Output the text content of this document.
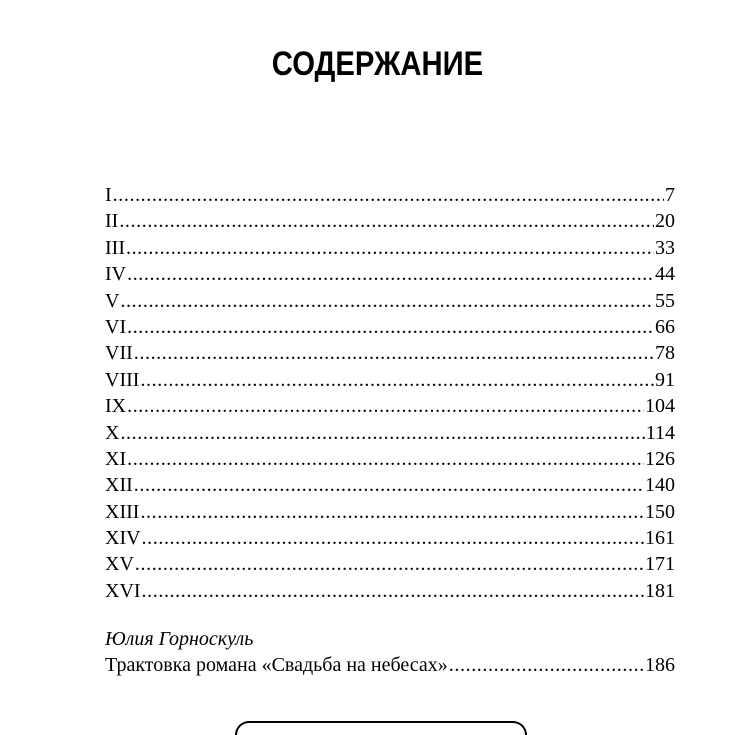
СОДЕРЖАНИЕ
I .....	7
II .....	20
III .....	33
IV .....	44
V .....	55
VI .....	66
VII .....	78
VIII .....	91
IX .....	104
X .....	114
XI .....	126
XII .....	140
XIII .....	150
XIV .....	161
XV .....	171
XVI .....	181
Юлия Горноскуль
Трактовка романа «Свадьба на небесах» .....	186
